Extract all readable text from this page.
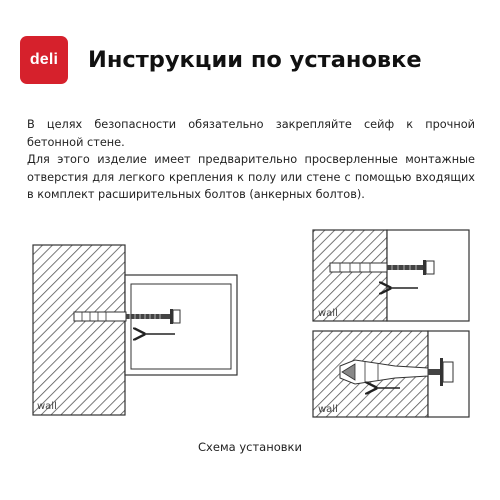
deli Инструкции по установке

В целях безопасности обязательно закрепляйте сейф к прочной бетонной стене.

Для этого изделие имеет предварительно просверленные монтажные отверстия для легкого крепления к полу или стене с помощью входящих в комплект расширительных болтов (анкерных болтов).

wall
wall
wall
Схема установки
